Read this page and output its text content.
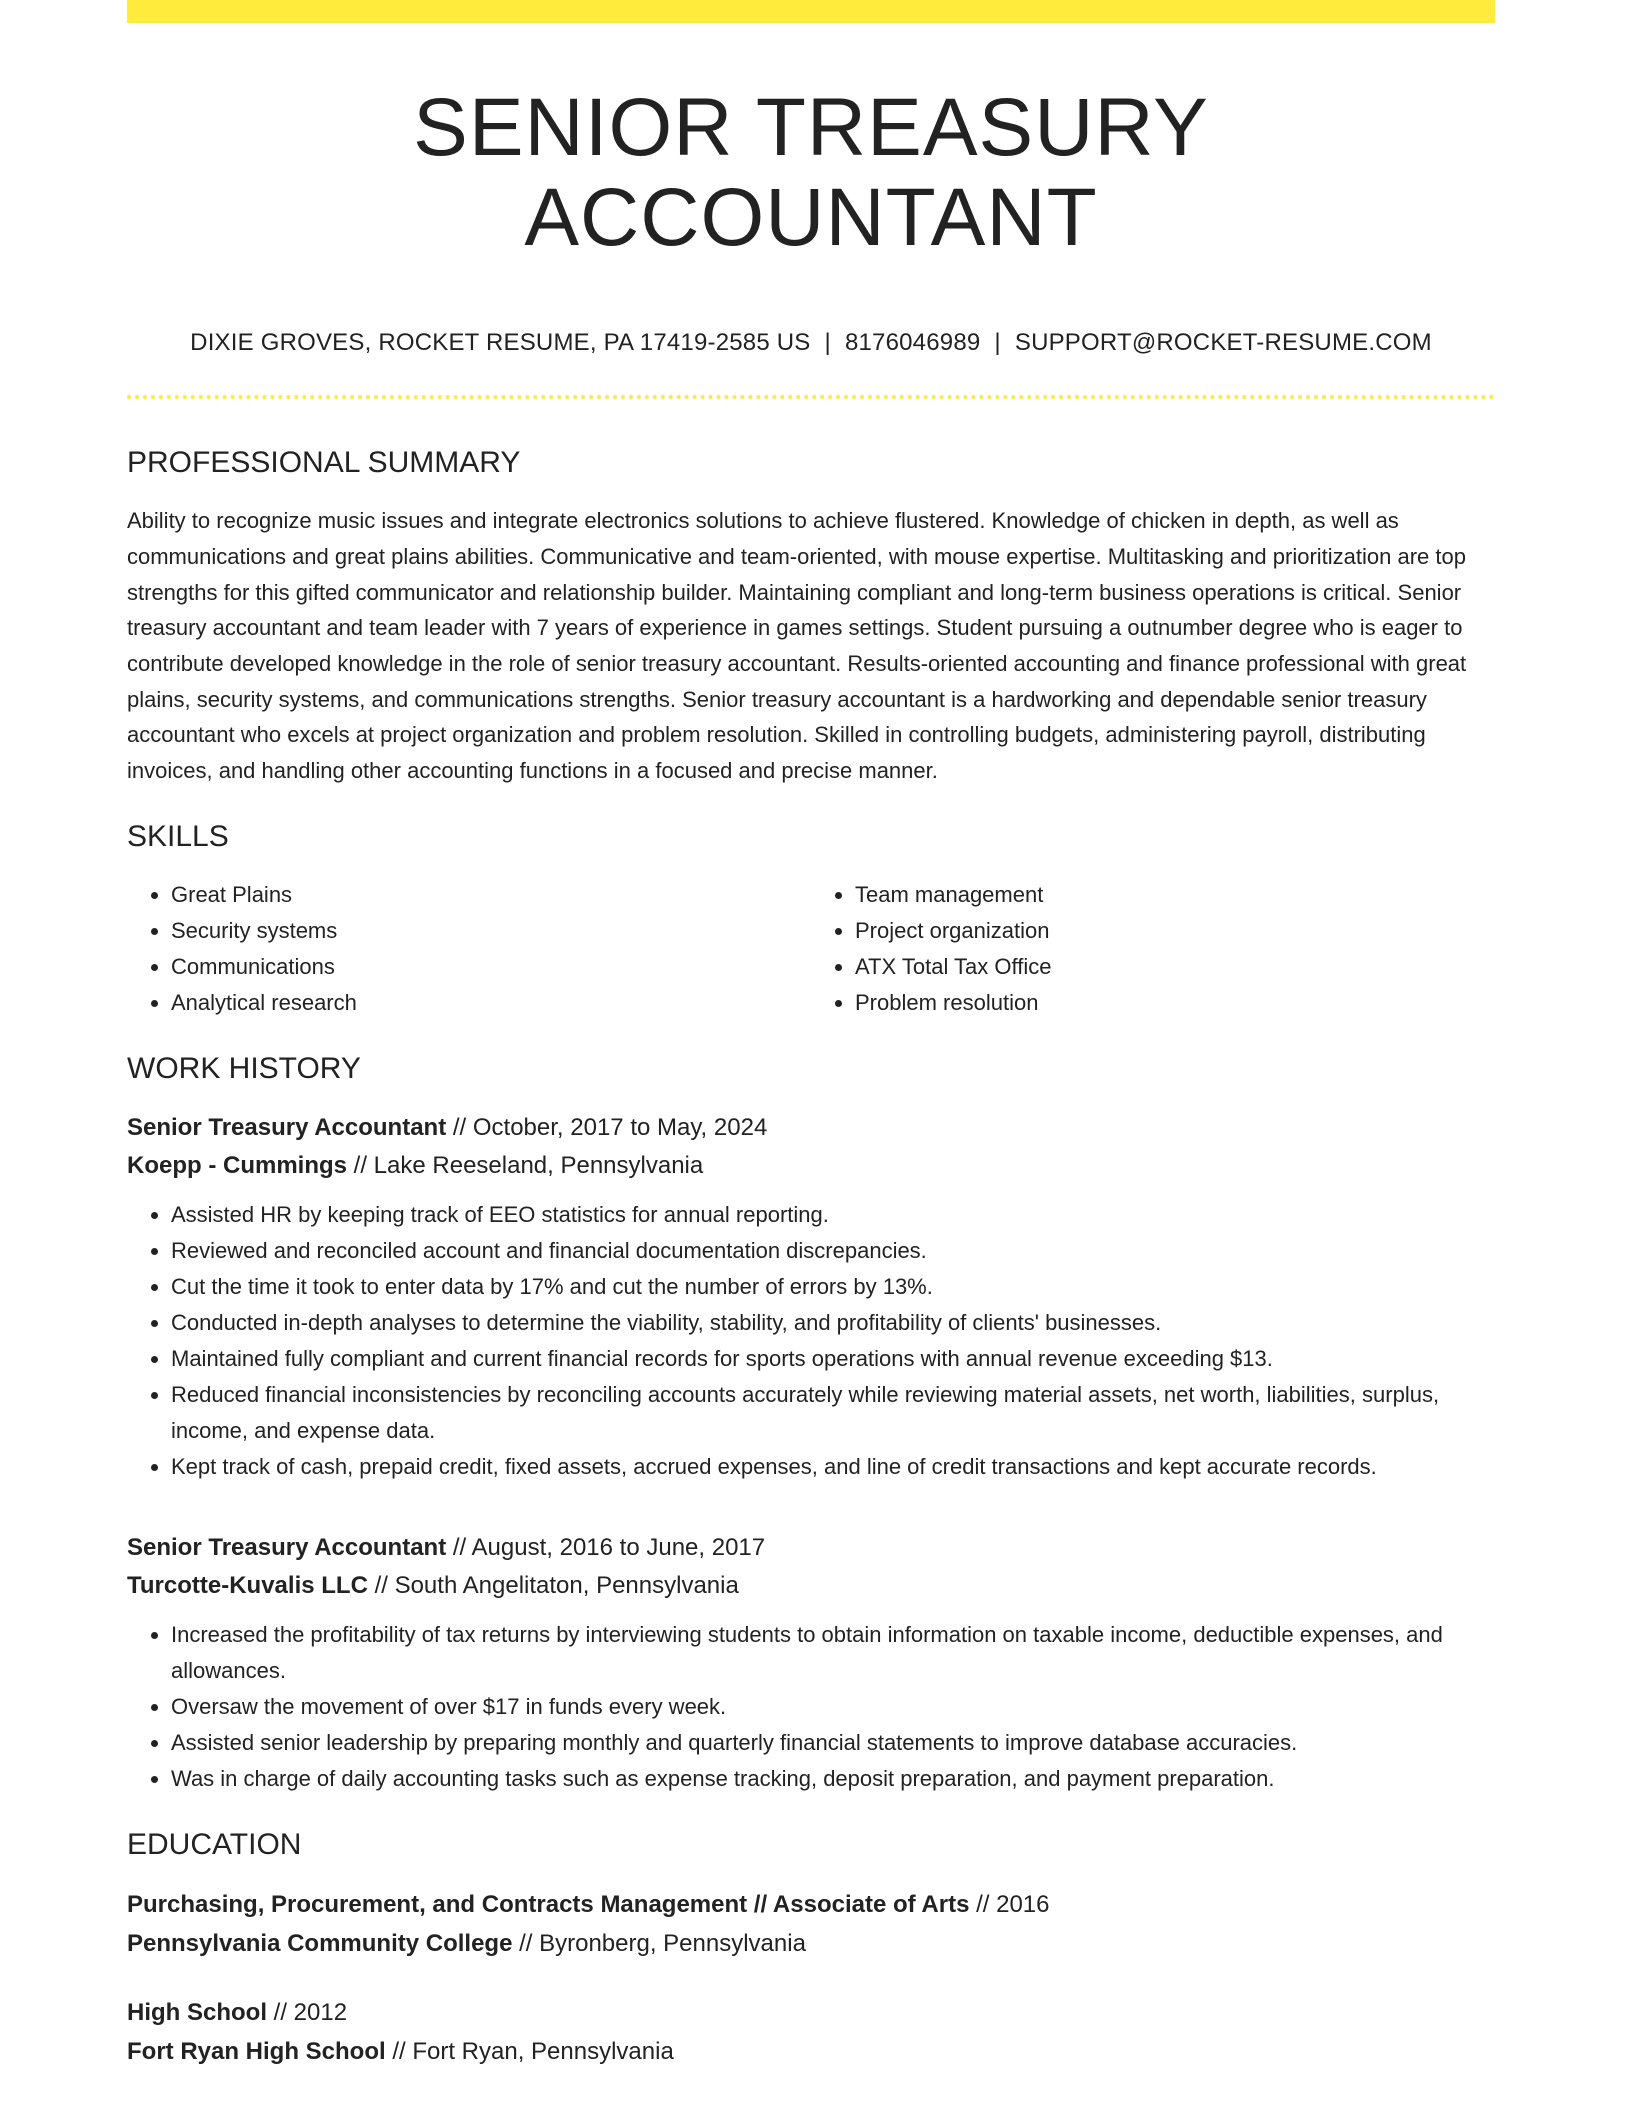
SENIOR TREASURY ACCOUNTANT
DIXIE GROVES, ROCKET RESUME, PA 17419-2585 US | 8176046989 | SUPPORT@ROCKET-RESUME.COM
PROFESSIONAL SUMMARY

Ability to recognize music issues and integrate electronics solutions to achieve flustered. Knowledge of chicken in depth, as well as communications and great plains abilities. Communicative and team-oriented, with mouse expertise. Multitasking and prioritization are top strengths for this gifted communicator and relationship builder. Maintaining compliant and long-term business operations is critical. Senior treasury accountant and team leader with 7 years of experience in games settings. Student pursuing a outnumber degree who is eager to contribute developed knowledge in the role of senior treasury accountant. Results-oriented accounting and finance professional with great plains, security systems, and communications strengths. Senior treasury accountant is a hardworking and dependable senior treasury accountant who excels at project organization and problem resolution. Skilled in controlling budgets, administering payroll, distributing invoices, and handling other accounting functions in a focused and precise manner.

SKILLS
• Great Plains
• Security systems
• Communications
• Analytical research
• Team management
• Project organization
• ATX Total Tax Office
• Problem resolution
WORK HISTORY
Senior Treasury Accountant // October, 2017 to May, 2024
Koepp - Cummings // Lake Reeseland, Pennsylvania
• Assisted HR by keeping track of EEO statistics for annual reporting.
• Reviewed and reconciled account and financial documentation discrepancies.
• Cut the time it took to enter data by 17% and cut the number of errors by 13%.
• Conducted in-depth analyses to determine the viability, stability, and profitability of clients' businesses.
• Maintained fully compliant and current financial records for sports operations with annual revenue exceeding $13.
• Reduced financial inconsistencies by reconciling accounts accurately while reviewing material assets, net worth, liabilities, surplus, income, and expense data.
• Kept track of cash, prepaid credit, fixed assets, accrued expenses, and line of credit transactions and kept accurate records.
Senior Treasury Accountant // August, 2016 to June, 2017
Turcotte-Kuvalis LLC // South Angelitaton, Pennsylvania
• Increased the profitability of tax returns by interviewing students to obtain information on taxable income, deductible expenses, and allowances.
• Oversaw the movement of over $17 in funds every week.
• Assisted senior leadership by preparing monthly and quarterly financial statements to improve database accuracies.
• Was in charge of daily accounting tasks such as expense tracking, deposit preparation, and payment preparation.
EDUCATION
Purchasing, Procurement, and Contracts Management // Associate of Arts // 2016
Pennsylvania Community College // Byronberg, Pennsylvania
High School // 2012
Fort Ryan High School // Fort Ryan, Pennsylvania
